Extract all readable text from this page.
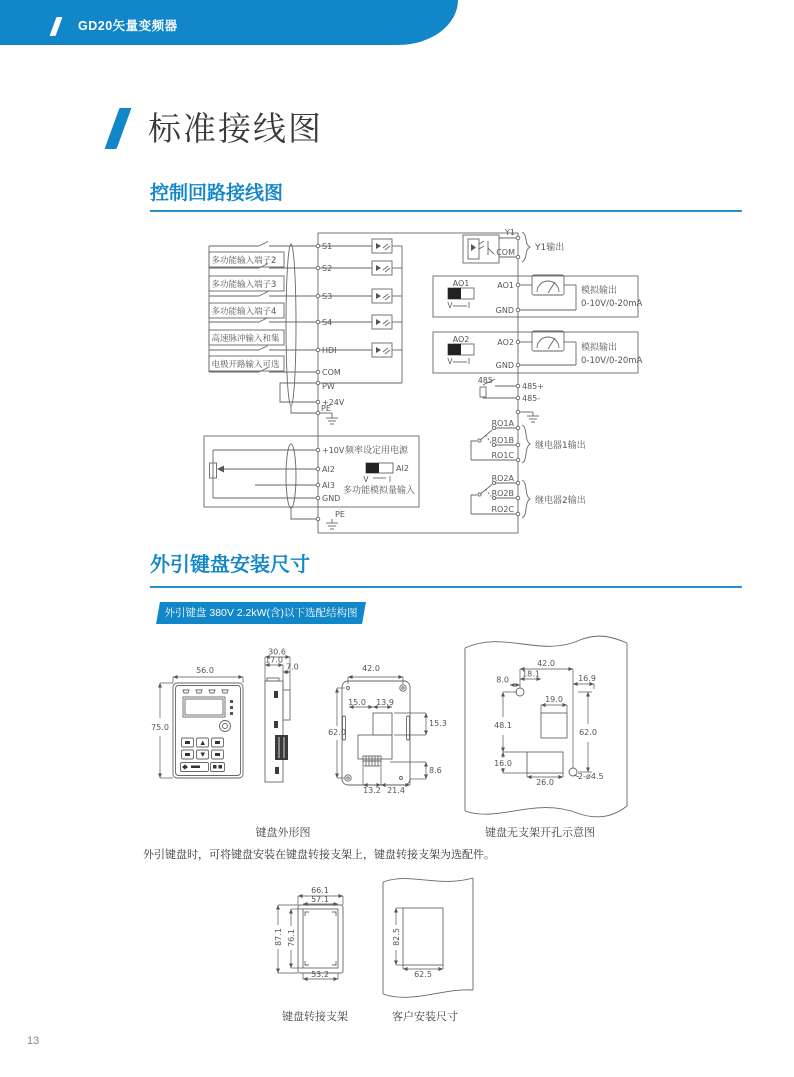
GD20矢量变频器
标准接线图
控制回路接线图
多功能输入端子2
多功能输入端子3
多功能输入端子4
高速脉冲输入和集
电极开路输入可选
S1
S2
S3
S4
HDI
COM
PW
+24V
PE
+10V 频率设定用电源
AI2	AI2
V	I
AI3
多功能模拟量输入
GND
PE
Y1
COM Y1输出
AO1
V I
AO1
GND
模拟输出
0-10V/0-20mA
AO2
V I
AO2
GND
模拟输出
0-10V/0-20mA
485
485+
485-
RO1A
RO1B
RO1C
继电器1输出
RO2A
RO2B
RO2C
继电器2输出
外引键盘安装尺寸
外引键盘 380V 2.2kW(含)以下选配结构图
56.0
75.0
30.6
17.0
7.0	42.0
15.0 13.9
15.3
8.6
13.2 21.4
62.0
42.0
18.1
8.0	16.9
19.0
48.1
62.0
16.0
26.0
2-ø4.5
键盘外形图	键盘无支架开孔示意图
外引键盘时，可将键盘安装在键盘转接支架上，键盘转接支架为选配件。
66.1
57.1
87.1 76.1
53.2
82.5
62.5
键盘转接支架	客户安装尺寸
13
